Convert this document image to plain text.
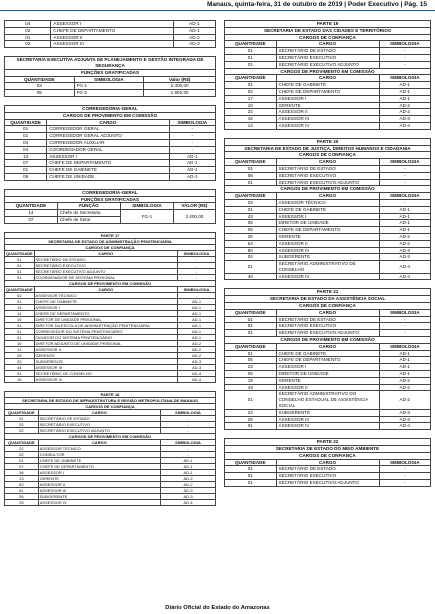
Manaus, quinta-feira, 31 de outubro de 2019 | Poder Executivo | Pág. 15
04	ASSESSOR I	AD-1
02	CHEFE DE DEPARTAMENTO	AD-1
01	ASSESSOR II	AD-2
02	ASSESSOR III	AD-3
SECRETARIA EXECUTIVA ADJUNTA DE PLANEJAMENTO E GESTÃO INTEGRADA DE SEGURANÇA		
FUNÇÕES GRATIFICADAS		
QUANTIDADE	SIMBOLOGIA	Valor (R$)
03	FG-1	2.400,00
05	FG-2	1.900,00
CORREGEDORIA-GERAL		
CARGOS DE PROVIMENTO EM COMISSÃO		
QUANTIDADE	CARGO	SIMBOLOGIA
01	CORREGEDOR GERAL	-
01	CORREGEDOR GERAL ADJUNTO	-
04	CORREGEDOR AUXILIAR	-
04	COORDENADOR GERAL	-
13	ASSESSOR I	AD-1
07	CHEFE DE DEPARTAMENTO	AD-1
01	CHEFE DE GABINETE	AD-1
06	CHEFE DE UNIDADE	AD-1
CORREGEDORIA-GERAL			
FUNÇÕES GRATIFICADAS			
QUANTIDADE	FUNÇÃO	SIMBOLOGIA	VALOR (R$)
14	Chefe de Secretaria	FG-1	2.400,00
07	Chefe de Setor		
PARTE 17		
SECRETARIA DE ESTADO DE ADMINISTRAÇÃO PENITENCIÁRIA		
CARGOS DE CONFIANÇA		
QUANTIDADE	CARGO	SIMBOLOGIA
01	SECRETÁRIO DE ESTADO	-
01	SECRETÁRIO EXECUTIVO	-
01	SECRETÁRIO EXECUTIVO ADJUNTO	-
01	COORDENADOR DE SISTEMA PRISIONAL	-
CARGOS DE PROVIMENTO EM COMISSÃO		
QUANTIDADE	CARGO	SIMBOLOGIA
02	ASSESSOR TÉCNICO	-
01	CHEFE DE GABINETE	AD-1
13	ASSESSOR I	AD-1
14	CHEFE DE DEPARTAMENTO	AD-1
19	DIRETOR DE UNIDADE PRISIONAL	AD-1
01	DIRETOR DA ESCOLA DE ADMINISTRAÇÃO PENITENCIÁRIA	AD-1
01	CORREGEDOR DO SISTEMA PENITENCIÁRIO	AD-1
01	OUVIDOR DO SISTEMA PENITENCIÁRIO	AD-1
19	DIRETOR ADJUNTO DE UNIDADE PRISIONAL	AD-2
13	ASSESSOR II	AD-2
25	GERENTE	AD-2
20	SUBGERENTE	AD-3
44	ASSESSOR III	AD-3
03	SECRETÁRIO DE CONSELHO	AD-4
15	ASSESSOR IV	AD-4
PARTE 18		
SECRETARIA DE ESTADO DE INFRAESTRUTURA E REGIÃO METROPOLITANA DE MANAUS		
CARGOS DE CONFIANÇA		
QUANTIDADE	CARGO	SIMBOLOGIA
01	SECRETÁRIO DE ESTADO	-
02	SECRETÁRIO EXECUTIVO	-
02	SECRETÁRIO EXECUTIVO ADJUNTO	-
CARGOS DE PROVIMENTO EM COMISSÃO		
QUANTIDADE	CARGO	SIMBOLOGIA
22	ASSESSOR TÉCNICO	-
02	CONSULTOR	-
01	CHEFE DE GABINETE	AD-1
07	CHEFE DE DEPARTAMENTO	AD-1
36	ASSESSOR I	AD-1
13	GERENTE	AD-2
62	ASSESSOR II	AD-2
61	ASSESSOR III	AD-3
05	SUBGERENTE	AD-3
25	ASSESSOR IV	AD-4
PARTE 19		
SECRETARIA DE ESTADO DAS CIDADES E TERRITÓRIOS		
CARGOS DE CONFIANÇA		
QUANTIDADE	CARGO	SIMBOLOGIA
01	SECRETÁRIO DE ESTADO	-
01	SECRETÁRIO EXECUTIVO	-
01	SECRETÁRIO EXECUTIVO ADJUNTO	-
CARGOS DE PROVIMENTO EM COMISSÃO		
QUANTIDADE	CARGO	SIMBOLOGIA
01	CHEFE DE GABINETE	AD-1
04	CHEFE DE DEPARTAMENTO	AD-1
17	ASSESSOR I	AD-1
10	GERENTE	AD-2
24	ASSESSOR II	AD-2
16	ASSESSOR III	AD-3
14	ASSESSOR IV	AD-4
PARTE 20		
SECRETARIA DE ESTADO DE JUSTIÇA, DIREITOS HUMANOS E CIDADANIA		
CARGOS DE CONFIANÇA		
QUANTIDADE	CARGO	SIMBOLOGIA
01	SECRETÁRIO DE ESTADO	-
06	SECRETÁRIO EXECUTIVO	-
01	SECRETÁRIO EXECUTIVO ADJUNTO	-
CARGOS DE PROVIMENTO EM COMISSÃO		
QUANTIDADE	CARGO	SIMBOLOGIA
03	ASSESSOR TÉCNICO	-
01	CHEFE DE GABINETE	AD-1
43	ASSESSOR I	AD-1
06	DIRETOR DE UNIDADE	AD-1
05	CHEFE DE DEPARTAMENTO	AD-1
26	GERENTE	AD-2
54	ASSESSOR II	AD-2
80	ASSESSOR III	AD-3
04	SUBGERENTE	AD-3
01	SECRETÁRIO ADMINISTRATIVO DE CONSELHO	AD-4
49	ASSESSOR IV	AD-4
PARTE 21		
SECRETARIA DE ESTADO DA ASSISTÊNCIA SOCIAL		
CARGOS DE CONFIANÇA		
QUANTIDADE	CARGO	SIMBOLOGIA
01	SECRETÁRIO DE ESTADO	-
01	SECRETÁRIO EXECUTIVO	-
01	SECRETÁRIO EXECUTIVO ADJUNTO	-
CARGOS DE PROVIMENTO EM COMISSÃO		
QUANTIDADE	CARGO	SIMBOLOGIA
01	CHEFE DE GABINETE	AD-1
05	CHEFE DE DEPARTAMENTO	AD-1
23	ASSESSOR I	AD-1
05	DIRETOR DE UNIDADE	AD-1
19	GERENTE	AD-2
43	ASSESSOR II	AD-2
01	SECRETÁRIO ADMINISTRATIVO DO CONSELHO ESTADUAL DE ASSISTÊNCIA SOCIAL	AD-2
22	SUBGERENTE	AD-3
28	ASSESSOR III	AD-3
01	ASSESSOR IV	AD-4
PARTE 22		
SECRETARIA DE ESTADO DO MEIO AMBIENTE		
CARGOS DE CONFIANÇA		
QUANTIDADE	CARGO	SIMBOLOGIA
01	SECRETÁRIO DE ESTADO	-
01	SECRETÁRIO EXECUTIVO	-
01	SECRETÁRIO EXECUTIVO ADJUNTO	-
Diário Oficial do Estado do Amazonas
